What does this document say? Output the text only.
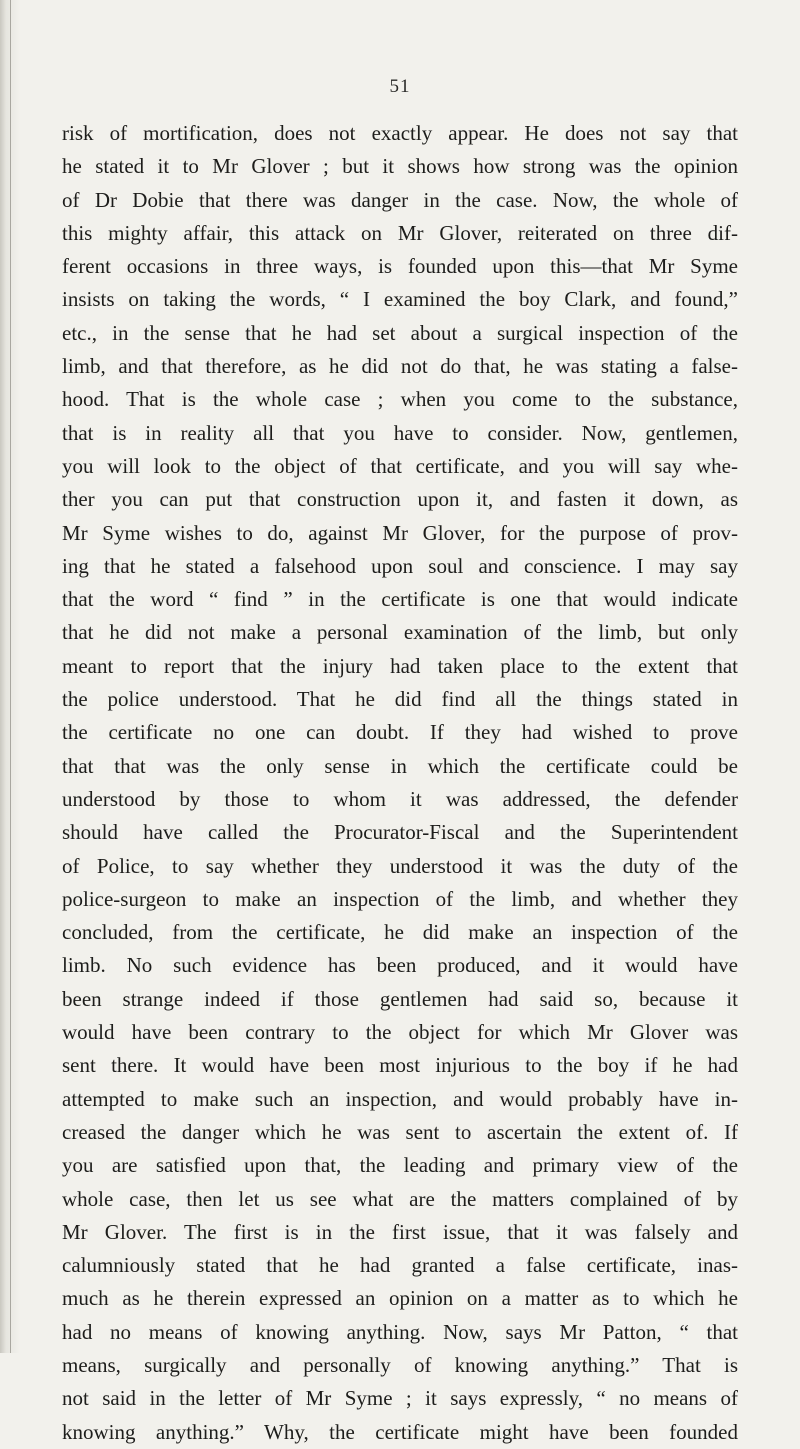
51
risk of mortification, does not exactly appear. He does not say that
he stated it to Mr Glover ; but it shows how strong was the opinion
of Dr Dobie that there was danger in the case. Now, the whole of
this mighty affair, this attack on Mr Glover, reiterated on three dif-
ferent occasions in three ways, is founded upon this—that Mr Syme
insists on taking the words, “ I examined the boy Clark, and found,”
etc., in the sense that he had set about a surgical inspection of the
limb, and that therefore, as he did not do that, he was stating a false-
hood. That is the whole case ; when you come to the substance,
that is in reality all that you have to consider. Now, gentlemen,
you will look to the object of that certificate, and you will say whe-
ther you can put that construction upon it, and fasten it down, as
Mr Syme wishes to do, against Mr Glover, for the purpose of prov-
ing that he stated a falsehood upon soul and conscience. I may say
that the word “ find ” in the certificate is one that would indicate
that he did not make a personal examination of the limb, but only
meant to report that the injury had taken place to the extent that
the police understood. That he did find all the things stated in
the certificate no one can doubt. If they had wished to prove
that that was the only sense in which the certificate could be
understood by those to whom it was addressed, the defender
should have called the Procurator-Fiscal and the Superintendent
of Police, to say whether they understood it was the duty of the
police-surgeon to make an inspection of the limb, and whether they
concluded, from the certificate, he did make an inspection of the
limb. No such evidence has been produced, and it would have
been strange indeed if those gentlemen had said so, because it
would have been contrary to the object for which Mr Glover was
sent there. It would have been most injurious to the boy if he had
attempted to make such an inspection, and would probably have in-
creased the danger which he was sent to ascertain the extent of. If
you are satisfied upon that, the leading and primary view of the
whole case, then let us see what are the matters complained of by
Mr Glover. The first is in the first issue, that it was falsely and
calumniously stated that he had granted a false certificate, inas-
much as he therein expressed an opinion on a matter as to which he
had no means of knowing anything. Now, says Mr Patton, “ that
means, surgically and personally of knowing anything.” That is
not said in the letter of Mr Syme ; it says expressly, “ no means of
knowing anything.” Why, the certificate might have been founded
